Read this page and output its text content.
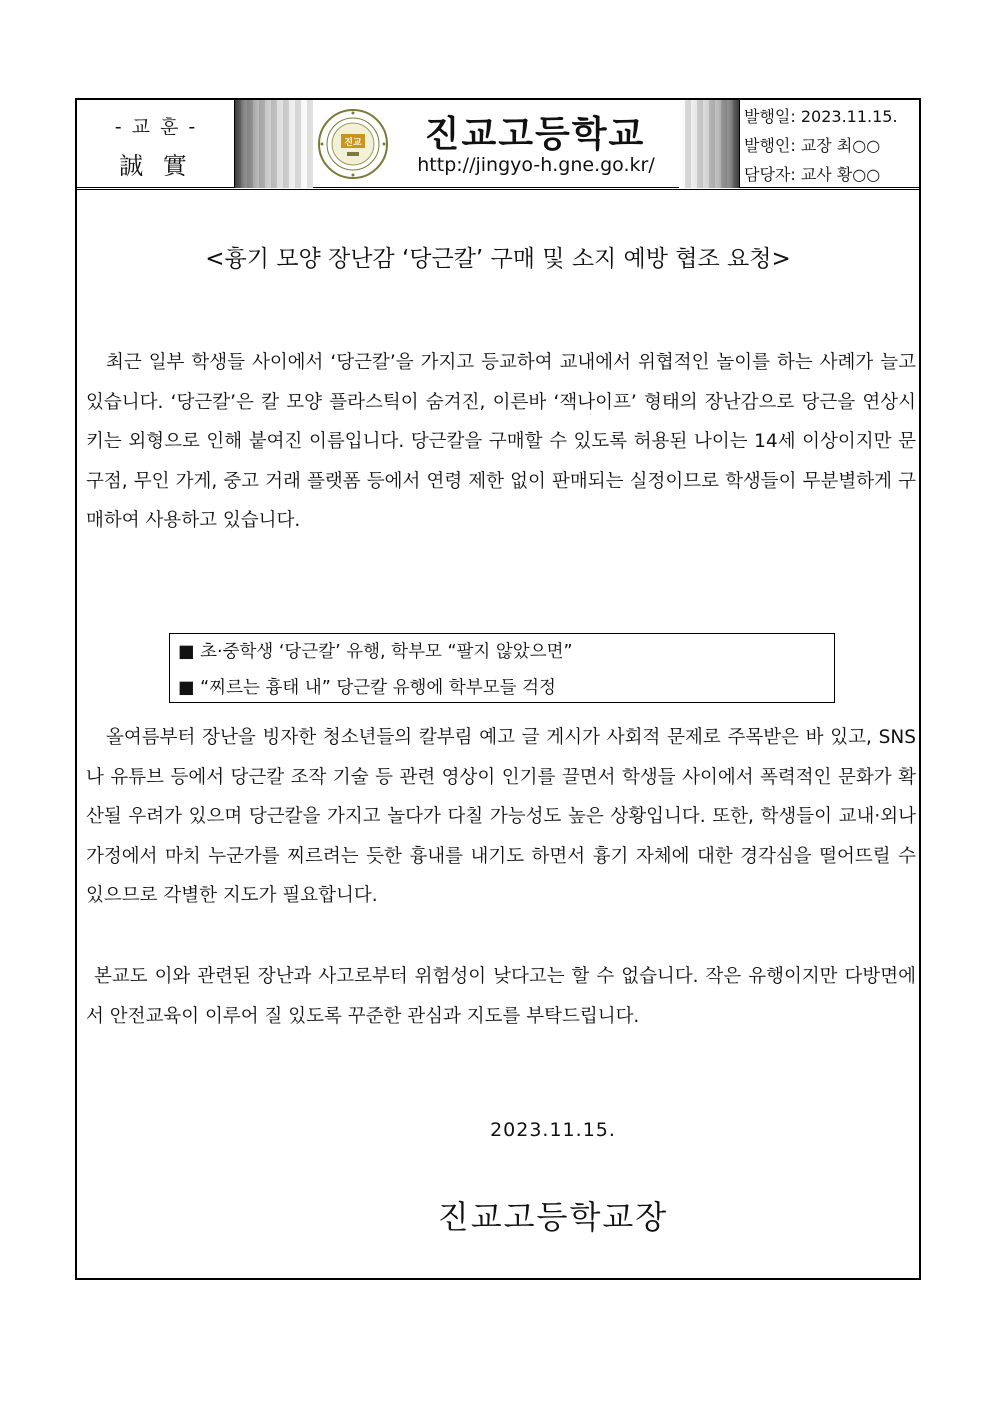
- 교 훈 -
誠 實
진교	진교고등학교
http://jingyo-h.gne.go.kr/
발행일: 2023.11.15.
발행인: 교장 최○○
담당자: 교사 황○○
<흉기 모양 장난감 ‘당근칼’ 구매 및 소지 예방 협조 요청>
최근 일부 학생들 사이에서 ‘당근칼’을 가지고 등교하여 교내에서 위협적인 놀이를 하는 사례가 늘고 있습니다. ‘당근칼’은 칼 모양 플라스틱이 숨겨진, 이른바 ‘잭나이프’ 형태의 장난감으로 당근을 연상시키는 외형으로 인해 붙여진 이름입니다. 당근칼을 구매할 수 있도록 허용된 나이는 14세 이상이지만 문구점, 무인 가게, 중고 거래 플랫폼 등에서 연령 제한 없이 판매되는 실정이므로 학생들이 무분별하게 구매하여 사용하고 있습니다.
■ 초·중학생 ‘당근칼’ 유행, 학부모 “팔지 않았으면”
■ “찌르는 흉태 내” 당근칼 유행에 학부모들 걱정
올여름부터 장난을 빙자한 청소년들의 칼부림 예고 글 게시가 사회적 문제로 주목받은 바 있고, SNS나 유튜브 등에서 당근칼 조작 기술 등 관련 영상이 인기를 끌면서 학생들 사이에서 폭력적인 문화가 확산될 우려가 있으며 당근칼을 가지고 놀다가 다칠 가능성도 높은 상황입니다. 또한, 학생들이 교내·외나 가정에서 마치 누군가를 찌르려는 듯한 흉내를 내기도 하면서 흉기 자체에 대한 경각심을 떨어뜨릴 수 있으므로 각별한 지도가 필요합니다.
본교도 이와 관련된 장난과 사고로부터 위험성이 낮다고는 할 수 없습니다. 작은 유행이지만 다방면에서 안전교육이 이루어 질 있도록 꾸준한 관심과 지도를 부탁드립니다.
2023.11.15.
진교고등학교장
